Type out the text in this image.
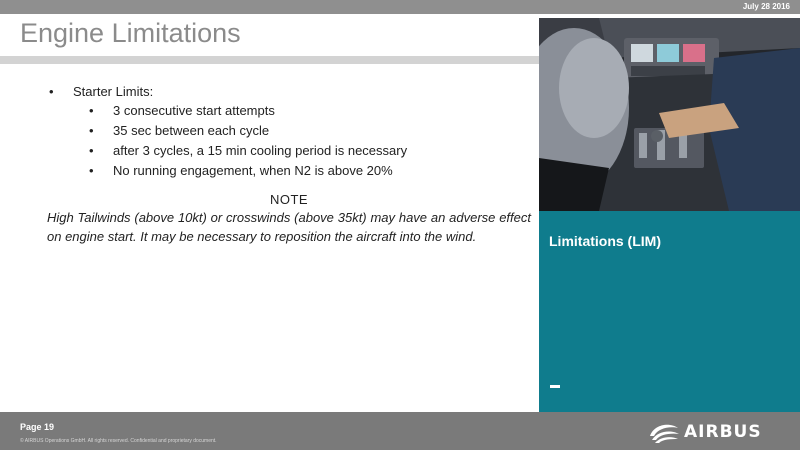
July 28 2016
Engine Limitations
Limitations (LIM)
• Starter Limits:
• 3 consecutive start attempts
• 35 sec between each cycle
• after 3 cycles, a 15 min cooling period is necessary
• No running engagement, when N2 is above 20%
NOTE
High Tailwinds (above 10kt) or crosswinds (above 35kt) may have an adverse effect on engine start. It may be necessary to reposition the aircraft into the wind.
Page 19
© AIRBUS Operations GmbH. All rights reserved. Confidential and proprietary document.	AIRBUS
